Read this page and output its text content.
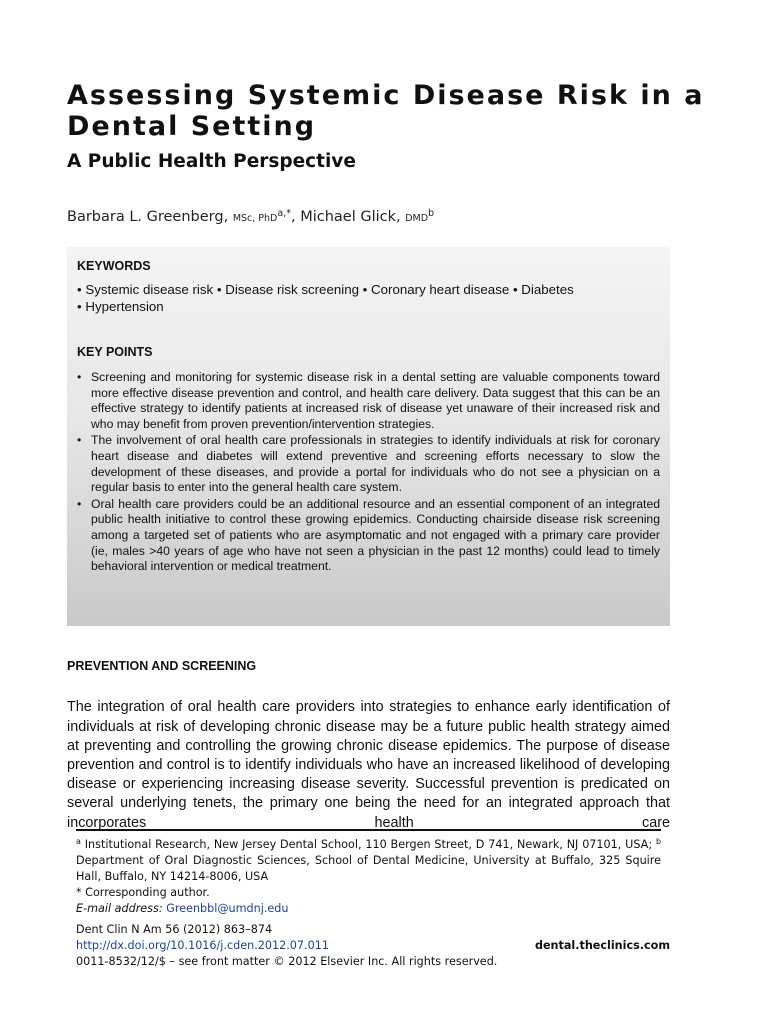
Assessing Systemic Disease Risk in a Dental Setting
A Public Health Perspective
Barbara L. Greenberg, MSc, PhD$^{a,*}$, Michael Glick, DMD$^b$
KEYWORDS
• Systemic disease risk • Disease risk screening • Coronary heart disease • Diabetes
• Hypertension
KEY POINTS
• Screening and monitoring for systemic disease risk in a dental setting are valuable components toward more effective disease prevention and control, and health care delivery. Data suggest that this can be an effective strategy to identify patients at increased risk of disease yet unaware of their increased risk and who may benefit from proven prevention/intervention strategies.
• The involvement of oral health care professionals in strategies to identify individuals at risk for coronary heart disease and diabetes will extend preventive and screening efforts necessary to slow the development of these diseases, and provide a portal for individuals who do not see a physician on a regular basis to enter into the general health care system.
• Oral health care providers could be an additional resource and an essential component of an integrated public health initiative to control these growing epidemics. Conducting chairside disease risk screening among a targeted set of patients who are asymptomatic and not engaged with a primary care provider (ie, males >40 years of age who have not seen a physician in the past 12 months) could lead to timely behavioral intervention or medical treatment.
PREVENTION AND SCREENING

The integration of oral health care providers into strategies to enhance early identification of individuals at risk of developing chronic disease may be a future public health strategy aimed at preventing and controlling the growing chronic disease epidemics. The purpose of disease prevention and control is to identify individuals who have an increased likelihood of developing disease or experiencing increasing disease severity. Successful prevention is predicated on several underlying tenets, the primary one being the need for an integrated approach that incorporates health care

$^a$ Institutional Research, New Jersey Dental School, 110 Bergen Street, D 741, Newark, NJ 07101, USA; $^b$ Department of Oral Diagnostic Sciences, School of Dental Medicine, University at Buffalo, 325 Squire Hall, Buffalo, NY 14214-8006, USA
* Corresponding author.
E-mail address: Greenbbl@umdnj.edu
Dent Clin N Am 56 (2012) 863–874
http://dx.doi.org/10.1016/j.cden.2012.07.011	dental.theclinics.com
0011-8532/12/$ – see front matter © 2012 Elsevier Inc. All rights reserved.
